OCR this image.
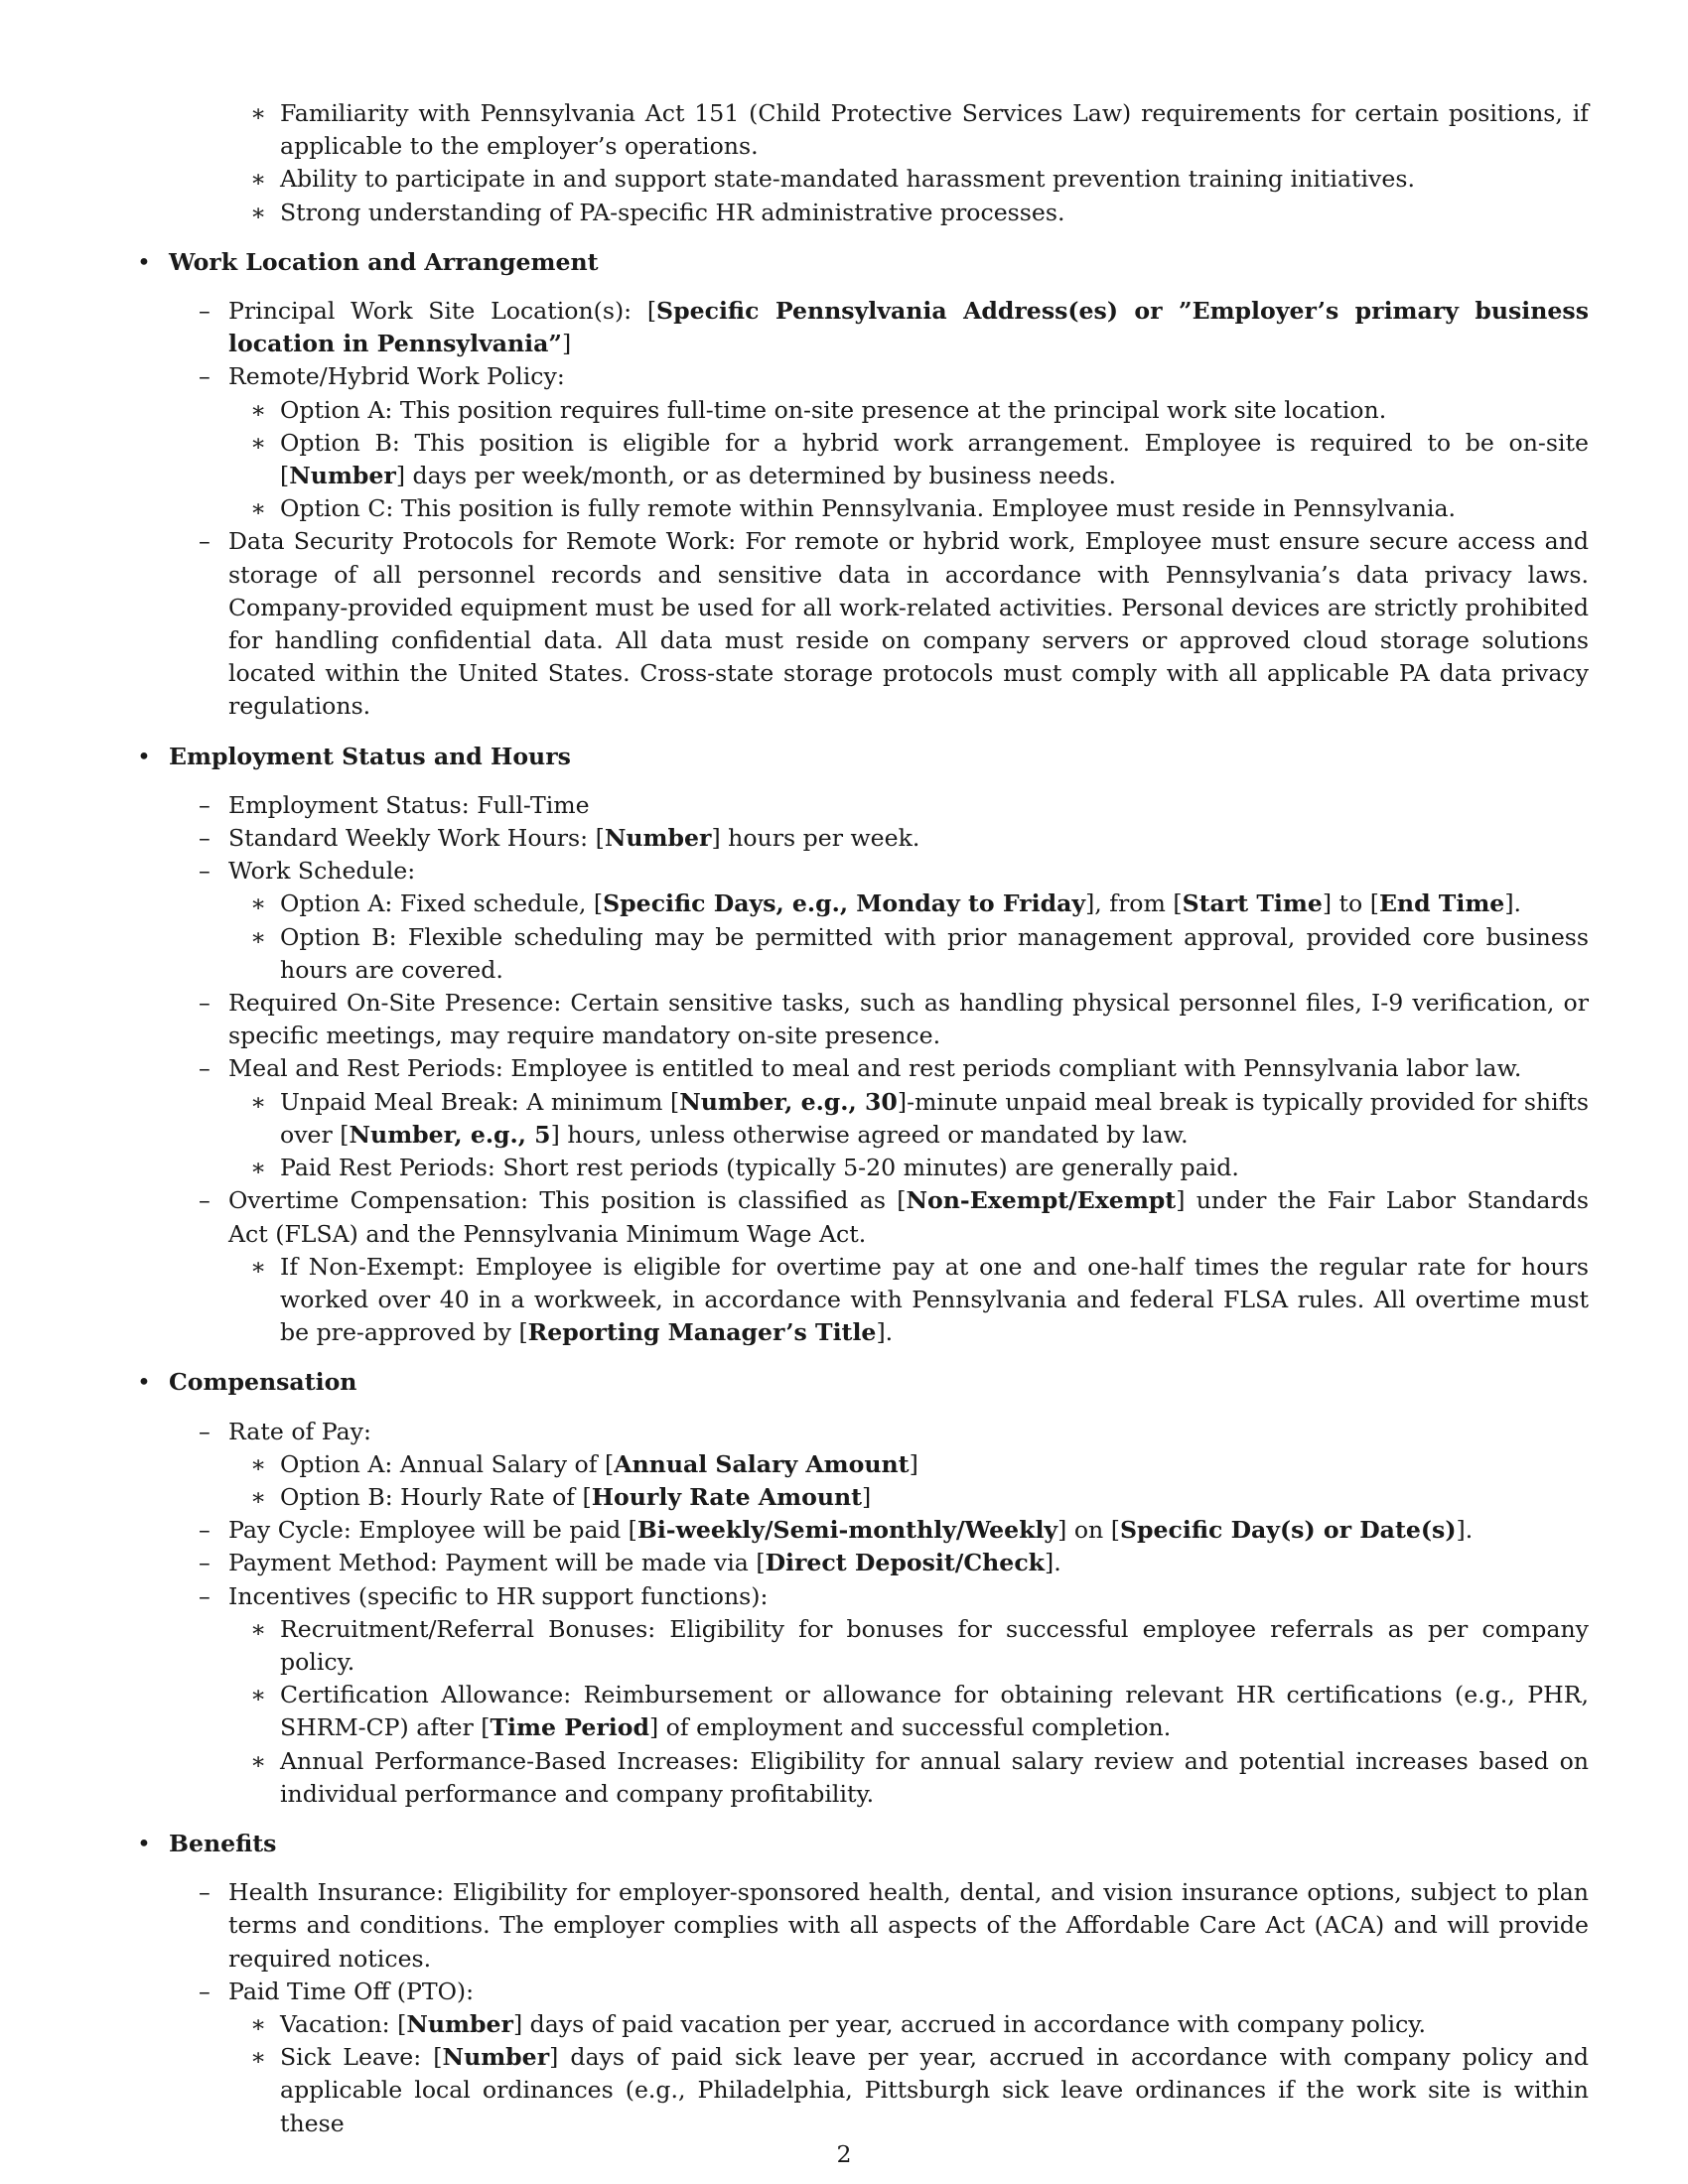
∗ Familiarity with Pennsylvania Act 151 (Child Protective Services Law) requirements for certain positions, if applicable to the employer’s operations.
∗ Ability to participate in and support state-mandated harassment prevention training initiatives.
∗ Strong understanding of PA-specific HR administrative processes.
• Work Location and Arrangement
– Principal Work Site Location(s): [Specific Pennsylvania Address(es) or ”Employer’s primary business location in Pennsylvania”]
– Remote/Hybrid Work Policy:
∗ Option A: This position requires full-time on-site presence at the principal work site location.
∗ Option B: This position is eligible for a hybrid work arrangement. Employee is required to be on-site [Number] days per week/month, or as determined by business needs.
∗ Option C: This position is fully remote within Pennsylvania. Employee must reside in Pennsylvania.
– Data Security Protocols for Remote Work: For remote or hybrid work, Employee must ensure secure access and storage of all personnel records and sensitive data in accordance with Pennsylvania’s data privacy laws. Company-provided equipment must be used for all work-related activities. Personal devices are strictly prohibited for handling confidential data. All data must reside on company servers or approved cloud storage solutions located within the United States. Cross-state storage protocols must comply with all applicable PA data privacy regulations.
• Employment Status and Hours
– Employment Status: Full-Time
– Standard Weekly Work Hours: [Number] hours per week.
– Work Schedule:
∗ Option A: Fixed schedule, [Specific Days, e.g., Monday to Friday], from [Start Time] to [End Time].
∗ Option B: Flexible scheduling may be permitted with prior management approval, provided core business hours are covered.
– Required On-Site Presence: Certain sensitive tasks, such as handling physical personnel files, I-9 verification, or specific meetings, may require mandatory on-site presence.
– Meal and Rest Periods: Employee is entitled to meal and rest periods compliant with Pennsylvania labor law.
∗ Unpaid Meal Break: A minimum [Number, e.g., 30]-minute unpaid meal break is typically provided for shifts over [Number, e.g., 5] hours, unless otherwise agreed or mandated by law.
∗ Paid Rest Periods: Short rest periods (typically 5-20 minutes) are generally paid.
– Overtime Compensation: This position is classified as [Non-Exempt/Exempt] under the Fair Labor Standards Act (FLSA) and the Pennsylvania Minimum Wage Act.
∗ If Non-Exempt: Employee is eligible for overtime pay at one and one-half times the regular rate for hours worked over 40 in a workweek, in accordance with Pennsylvania and federal FLSA rules. All overtime must be pre-approved by [Reporting Manager’s Title].
• Compensation
– Rate of Pay:
∗ Option A: Annual Salary of [Annual Salary Amount]
∗ Option B: Hourly Rate of [Hourly Rate Amount]
– Pay Cycle: Employee will be paid [Bi-weekly/Semi-monthly/Weekly] on [Specific Day(s) or Date(s)].
– Payment Method: Payment will be made via [Direct Deposit/Check].
– Incentives (specific to HR support functions):
∗ Recruitment/Referral Bonuses: Eligibility for bonuses for successful employee referrals as per company policy.
∗ Certification Allowance: Reimbursement or allowance for obtaining relevant HR certifications (e.g., PHR, SHRM-CP) after [Time Period] of employment and successful completion.
∗ Annual Performance-Based Increases: Eligibility for annual salary review and potential increases based on individual performance and company profitability.
• Benefits
– Health Insurance: Eligibility for employer-sponsored health, dental, and vision insurance options, subject to plan terms and conditions. The employer complies with all aspects of the Affordable Care Act (ACA) and will provide required notices.
– Paid Time Off (PTO):
∗ Vacation: [Number] days of paid vacation per year, accrued in accordance with company policy.
∗ Sick Leave: [Number] days of paid sick leave per year, accrued in accordance with company policy and applicable local ordinances (e.g., Philadelphia, Pittsburgh sick leave ordinances if the work site is within these
2
